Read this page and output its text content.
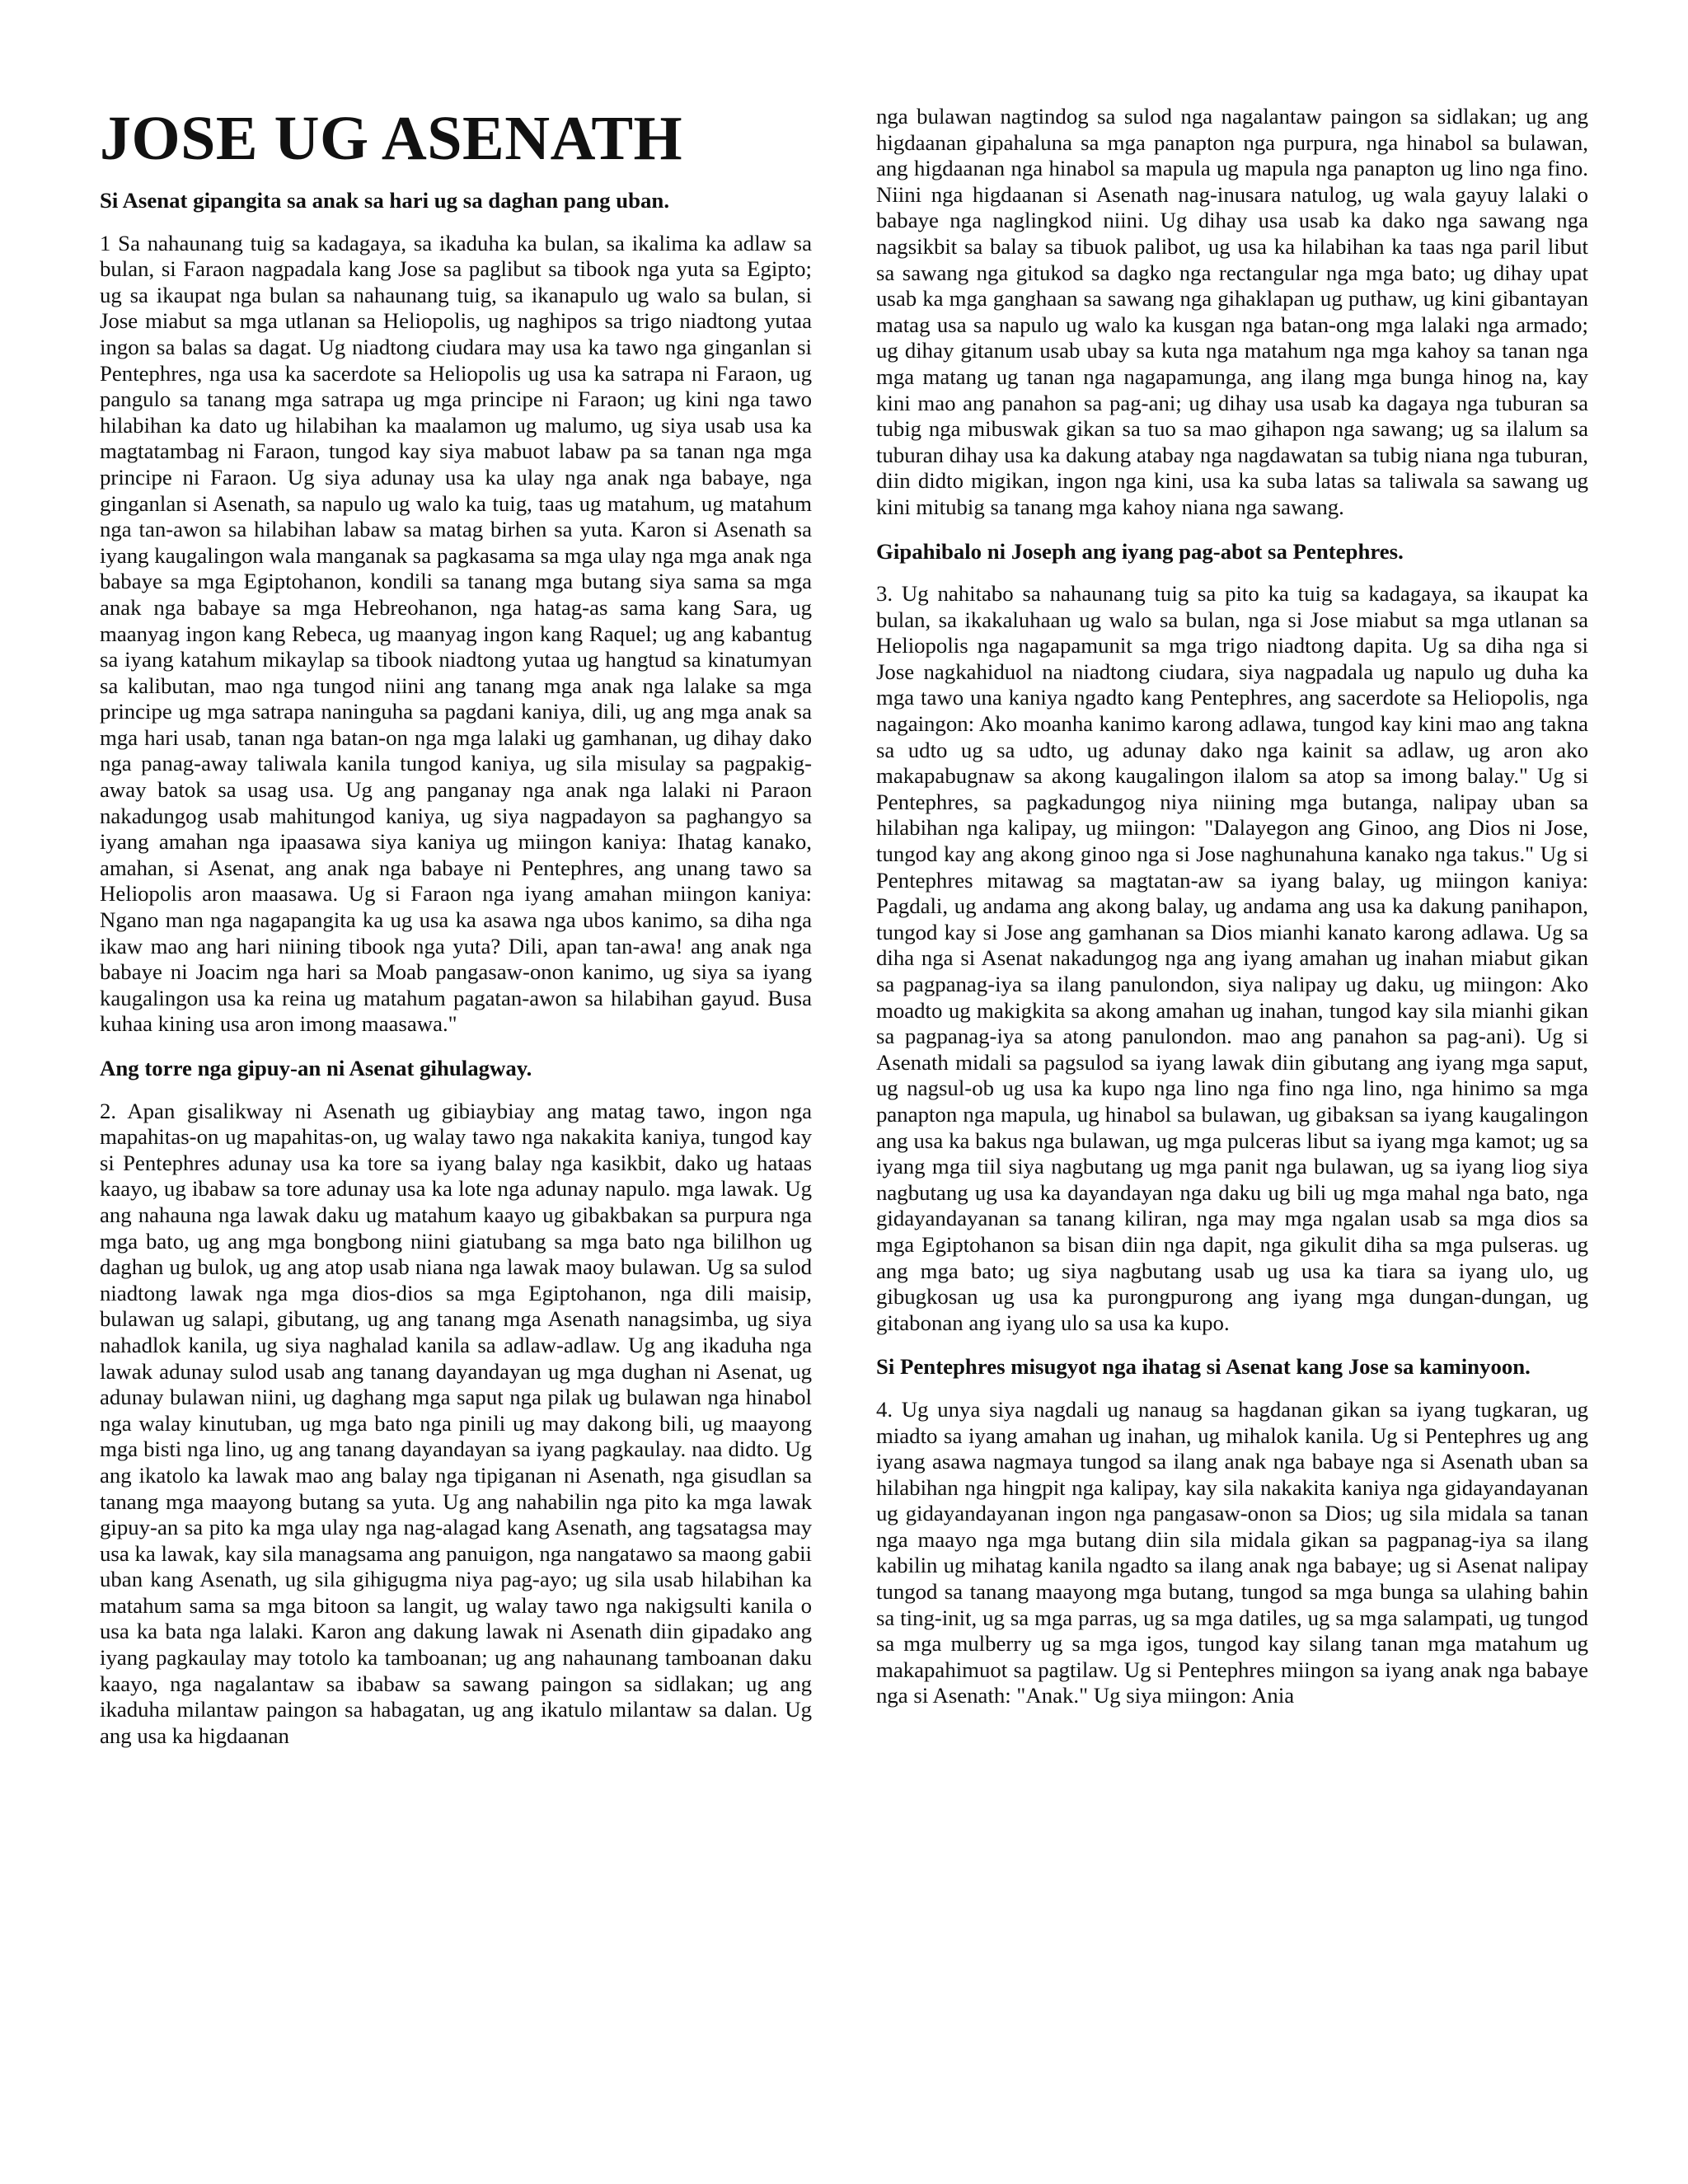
JOSE UG ASENATH

Si Asenat gipangita sa anak sa hari ug sa daghan pang uban.

1 Sa nahaunang tuig sa kadagaya, sa ikaduha ka bulan, sa ikalima ka adlaw sa bulan, si Faraon nagpadala kang Jose sa paglibut sa tibook nga yuta sa Egipto; ug sa ikaupat nga bulan sa nahaunang tuig, sa ikanapulo ug walo sa bulan, si Jose miabut sa mga utlanan sa Heliopolis, ug naghipos sa trigo niadtong yutaa ingon sa balas sa dagat. Ug niadtong ciudara may usa ka tawo nga ginganlan si Pentephres, nga usa ka sacerdote sa Heliopolis ug usa ka satrapa ni Faraon, ug pangulo sa tanang mga satrapa ug mga principe ni Faraon; ug kini nga tawo hilabihan ka dato ug hilabihan ka maalamon ug malumo, ug siya usab usa ka magtatambag ni Faraon, tungod kay siya mabuot labaw pa sa tanan nga mga principe ni Faraon. Ug siya adunay usa ka ulay nga anak nga babaye, nga ginganlan si Asenath, sa napulo ug walo ka tuig, taas ug matahum, ug matahum nga tan-awon sa hilabihan labaw sa matag birhen sa yuta. Karon si Asenath sa iyang kaugalingon wala manganak sa pagkasama sa mga ulay nga mga anak nga babaye sa mga Egiptohanon, kondili sa tanang mga butang siya sama sa mga anak nga babaye sa mga Hebreohanon, nga hatag-as sama kang Sara, ug maanyag ingon kang Rebeca, ug maanyag ingon kang Raquel; ug ang kabantug sa iyang katahum mikaylap sa tibook niadtong yutaa ug hangtud sa kinatumyan sa kalibutan, mao nga tungod niini ang tanang mga anak nga lalake sa mga principe ug mga satrapa naninguha sa pagdani kaniya, dili, ug ang mga anak sa mga hari usab, tanan nga batan-on nga mga lalaki ug gamhanan, ug dihay dako nga panag-away taliwala kanila tungod kaniya, ug sila misulay sa pagpakig-away batok sa usag usa. Ug ang panganay nga anak nga lalaki ni Paraon nakadungog usab mahitungod kaniya, ug siya nagpadayon sa paghangyo sa iyang amahan nga ipaasawa siya kaniya ug miingon kaniya: Ihatag kanako, amahan, si Asenat, ang anak nga babaye ni Pentephres, ang unang tawo sa Heliopolis aron maasawa. Ug si Faraon nga iyang amahan miingon kaniya: Ngano man nga nagapangita ka ug usa ka asawa nga ubos kanimo, sa diha nga ikaw mao ang hari niining tibook nga yuta? Dili, apan tan-awa! ang anak nga babaye ni Joacim nga hari sa Moab pangasaw-onon kanimo, ug siya sa iyang kaugalingon usa ka reina ug matahum pagatan-awon sa hilabihan gayud. Busa kuhaa kining usa aron imong maasawa."

Ang torre nga gipuy-an ni Asenat gihulagway.

2. Apan gisalikway ni Asenath ug gibiaybiay ang matag tawo, ingon nga mapahitas-on ug mapahitas-on, ug walay tawo nga nakakita kaniya, tungod kay si Pentephres adunay usa ka tore sa iyang balay nga kasikbit, dako ug hataas kaayo, ug ibabaw sa tore adunay usa ka lote nga adunay napulo. mga lawak. Ug ang nahauna nga lawak daku ug matahum kaayo ug gibakbakan sa purpura nga mga bato, ug ang mga bongbong niini giatubang sa mga bato nga bililhon ug daghan ug bulok, ug ang atop usab niana nga lawak maoy bulawan. Ug sa sulod niadtong lawak nga mga dios-dios sa mga Egiptohanon, nga dili maisip, bulawan ug salapi, gibutang, ug ang tanang mga Asenath nanagsimba, ug siya nahadlok kanila, ug siya naghalad kanila sa adlaw-adlaw. Ug ang ikaduha nga lawak adunay sulod usab ang tanang dayandayan ug mga dughan ni Asenat, ug adunay bulawan niini, ug daghang mga saput nga pilak ug bulawan nga hinabol nga walay kinutuban, ug mga bato nga pinili ug may dakong bili, ug maayong mga bisti nga lino, ug ang tanang dayandayan sa iyang pagkaulay. naa didto. Ug ang ikatolo ka lawak mao ang balay nga tipiganan ni Asenath, nga gisudlan sa tanang mga maayong butang sa yuta. Ug ang nahabilin nga pito ka mga lawak gipuy-an sa pito ka mga ulay nga nag-alagad kang Asenath, ang tagsatagsa may usa ka lawak, kay sila managsama ang panuigon, nga nangatawo sa maong gabii uban kang Asenath, ug sila gihigugma niya pag-ayo; ug sila usab hilabihan ka matahum sama sa mga bitoon sa langit, ug walay tawo nga nakigsulti kanila o usa ka bata nga lalaki. Karon ang dakung lawak ni Asenath diin gipadako ang iyang pagkaulay may totolo ka tamboanan; ug ang nahaunang tamboanan daku kaayo, nga nagalantaw sa ibabaw sa sawang paingon sa sidlakan; ug ang ikaduha milantaw paingon sa habagatan, ug ang ikatulo milantaw sa dalan. Ug ang usa ka higdaanan

nga bulawan nagtindog sa sulod nga nagalantaw paingon sa sidlakan; ug ang higdaanan gipahaluna sa mga panapton nga purpura, nga hinabol sa bulawan, ang higdaanan nga hinabol sa mapula ug mapula nga panapton ug lino nga fino. Niini nga higdaanan si Asenath nag-inusara natulog, ug wala gayuy lalaki o babaye nga naglingkod niini. Ug dihay usa usab ka dako nga sawang nga nagsikbit sa balay sa tibuok palibot, ug usa ka hilabihan ka taas nga paril libut sa sawang nga gitukod sa dagko nga rectangular nga mga bato; ug dihay upat usab ka mga ganghaan sa sawang nga gihaklapan ug puthaw, ug kini gibantayan matag usa sa napulo ug walo ka kusgan nga batan-ong mga lalaki nga armado; ug dihay gitanum usab ubay sa kuta nga matahum nga mga kahoy sa tanan nga mga matang ug tanan nga nagapamunga, ang ilang mga bunga hinog na, kay kini mao ang panahon sa pag-ani; ug dihay usa usab ka dagaya nga tuburan sa tubig nga mibuswak gikan sa tuo sa mao gihapon nga sawang; ug sa ilalum sa tuburan dihay usa ka dakung atabay nga nagdawatan sa tubig niana nga tuburan, diin didto migikan, ingon nga kini, usa ka suba latas sa taliwala sa sawang ug kini mitubig sa tanang mga kahoy niana nga sawang.

Gipahibalo ni Joseph ang iyang pag-abot sa Pentephres.

3. Ug nahitabo sa nahaunang tuig sa pito ka tuig sa kadagaya, sa ikaupat ka bulan, sa ikakaluhaan ug walo sa bulan, nga si Jose miabut sa mga utlanan sa Heliopolis nga nagapamunit sa mga trigo niadtong dapita. Ug sa diha nga si Jose nagkahiduol na niadtong ciudara, siya nagpadala ug napulo ug duha ka mga tawo una kaniya ngadto kang Pentephres, ang sacerdote sa Heliopolis, nga nagaingon: Ako moanha kanimo karong adlawa, tungod kay kini mao ang takna sa udto ug sa udto, ug adunay dako nga kainit sa adlaw, ug aron ako makapabugnaw sa akong kaugalingon ilalom sa atop sa imong balay." Ug si Pentephres, sa pagkadungog niya niining mga butanga, nalipay uban sa hilabihan nga kalipay, ug miingon: "Dalayegon ang Ginoo, ang Dios ni Jose, tungod kay ang akong ginoo nga si Jose naghunahuna kanako nga takus." Ug si Pentephres mitawag sa magtatan-aw sa iyang balay, ug miingon kaniya: Pagdali, ug andama ang akong balay, ug andama ang usa ka dakung panihapon, tungod kay si Jose ang gamhanan sa Dios mianhi kanato karong adlawa. Ug sa diha nga si Asenat nakadungog nga ang iyang amahan ug inahan miabut gikan sa pagpanag-iya sa ilang panulondon, siya nalipay ug daku, ug miingon: Ako moadto ug makigkita sa akong amahan ug inahan, tungod kay sila mianhi gikan sa pagpanag-iya sa atong panulondon. mao ang panahon sa pag-ani). Ug si Asenath midali sa pagsulod sa iyang lawak diin gibutang ang iyang mga saput, ug nagsul-ob ug usa ka kupo nga lino nga fino nga lino, nga hinimo sa mga panapton nga mapula, ug hinabol sa bulawan, ug gibaksan sa iyang kaugalingon ang usa ka bakus nga bulawan, ug mga pulceras libut sa iyang mga kamot; ug sa iyang mga tiil siya nagbutang ug mga panit nga bulawan, ug sa iyang liog siya nagbutang ug usa ka dayandayan nga daku ug bili ug mga mahal nga bato, nga gidayandayanan sa tanang kiliran, nga may mga ngalan usab sa mga dios sa mga Egiptohanon sa bisan diin nga dapit, nga gikulit diha sa mga pulseras. ug ang mga bato; ug siya nagbutang usab ug usa ka tiara sa iyang ulo, ug gibugkosan ug usa ka purongpurong ang iyang mga dungan-dungan, ug gitabonan ang iyang ulo sa usa ka kupo.

Si Pentephres misugyot nga ihatag si Asenat kang Jose sa kaminyoon.

4. Ug unya siya nagdali ug nanaug sa hagdanan gikan sa iyang tugkaran, ug miadto sa iyang amahan ug inahan, ug mihalok kanila. Ug si Pentephres ug ang iyang asawa nagmaya tungod sa ilang anak nga babaye nga si Asenath uban sa hilabihan nga hingpit nga kalipay, kay sila nakakita kaniya nga gidayandayanan ug gidayandayanan ingon nga pangasaw-onon sa Dios; ug sila midala sa tanan nga maayo nga mga butang diin sila midala gikan sa pagpanag-iya sa ilang kabilin ug mihatag kanila ngadto sa ilang anak nga babaye; ug si Asenat nalipay tungod sa tanang maayong mga butang, tungod sa mga bunga sa ulahing bahin sa ting-init, ug sa mga parras, ug sa mga datiles, ug sa mga salampati, ug tungod sa mga mulberry ug sa mga igos, tungod kay silang tanan mga matahum ug makapahimuot sa pagtilaw. Ug si Pentephres miingon sa iyang anak nga babaye nga si Asenath: "Anak." Ug siya miingon: Ania
